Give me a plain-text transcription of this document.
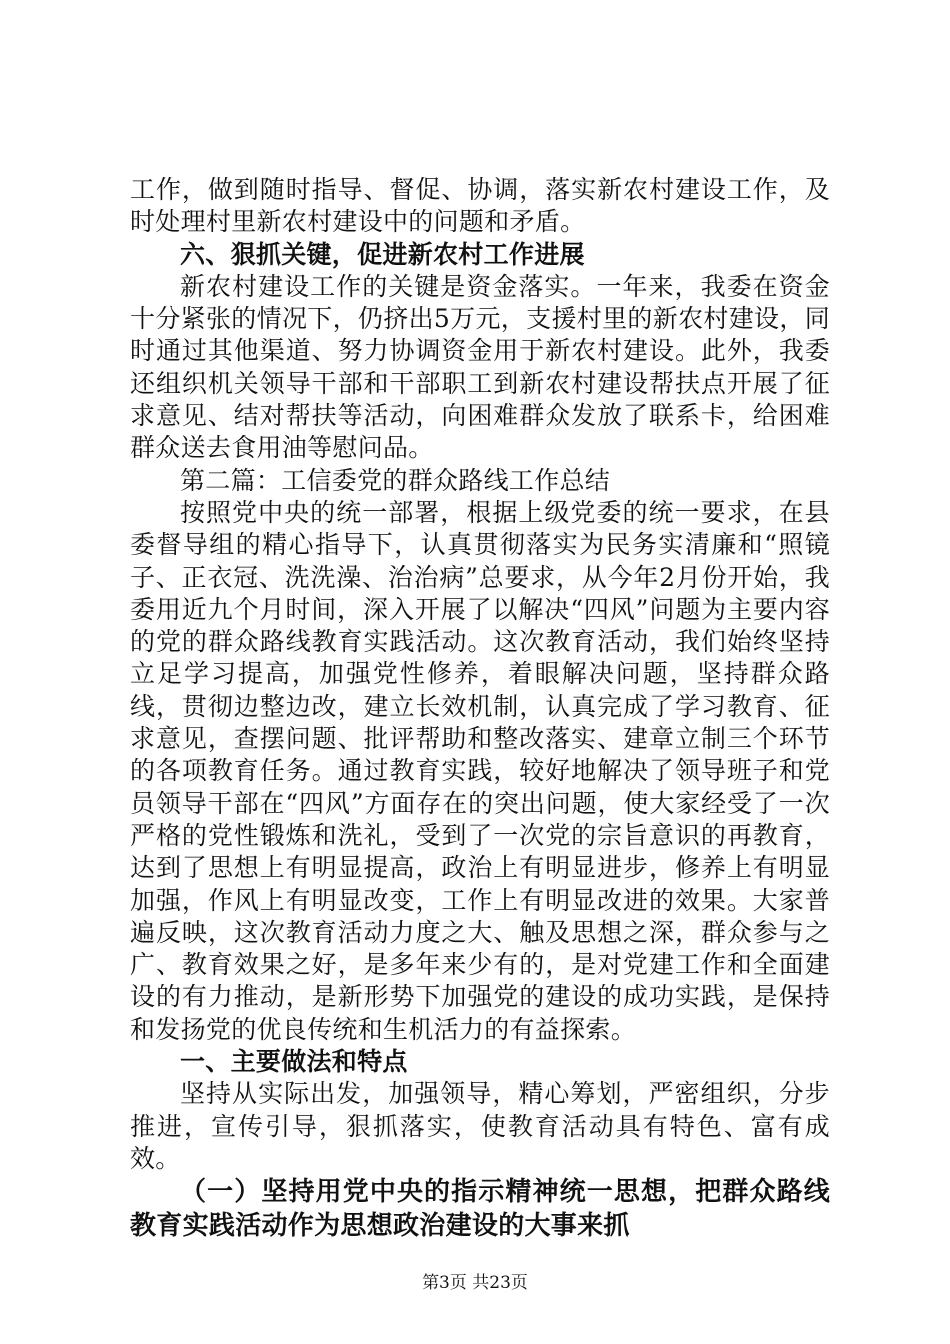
工作，做到随时指导、督促、协调，落实新农村建设工作，及时处理村里新农村建设中的问题和矛盾。

六、狠抓关键，促进新农村工作进展

新农村建设工作的关键是资金落实。一年来，我委在资金十分紧张的情况下，仍挤出5万元，支援村里的新农村建设，同时通过其他渠道、努力协调资金用于新农村建设。此外，我委还组织机关领导干部和干部职工到新农村建设帮扶点开展了征求意见、结对帮扶等活动，向困难群众发放了联系卡，给困难群众送去食用油等慰问品。

第二篇：工信委党的群众路线工作总结

按照党中央的统一部署，根据上级党委的统一要求，在县委督导组的精心指导下，认真贯彻落实为民务实清廉和“照镜子、正衣冠、洗洗澡、治治病”总要求，从今年2月份开始，我委用近九个月时间，深入开展了以解决“四风”问题为主要内容的党的群众路线教育实践活动。这次教育活动，我们始终坚持立足学习提高，加强党性修养，着眼解决问题，坚持群众路线，贯彻边整边改，建立长效机制，认真完成了学习教育、征求意见，查摆问题、批评帮助和整改落实、建章立制三个环节的各项教育任务。通过教育实践，较好地解决了领导班子和党员领导干部在“四风”方面存在的突出问题，使大家经受了一次严格的党性锻炼和洗礼，受到了一次党的宗旨意识的再教育，达到了思想上有明显提高，政治上有明显进步，修养上有明显加强，作风上有明显改变，工作上有明显改进的效果。大家普遍反映，这次教育活动力度之大、触及思想之深，群众参与之广、教育效果之好，是多年来少有的，是对党建工作和全面建设的有力推动，是新形势下加强党的建设的成功实践，是保持和发扬党的优良传统和生机活力的有益探索。

一、主要做法和特点

坚持从实际出发，加强领导，精心筹划，严密组织，分步推进，宣传引导，狠抓落实，使教育活动具有特色、富有成效。

（一）坚持用党中央的指示精神统一思想，把群众路线教育实践活动作为思想政治建设的大事来抓

第3页 共23页
